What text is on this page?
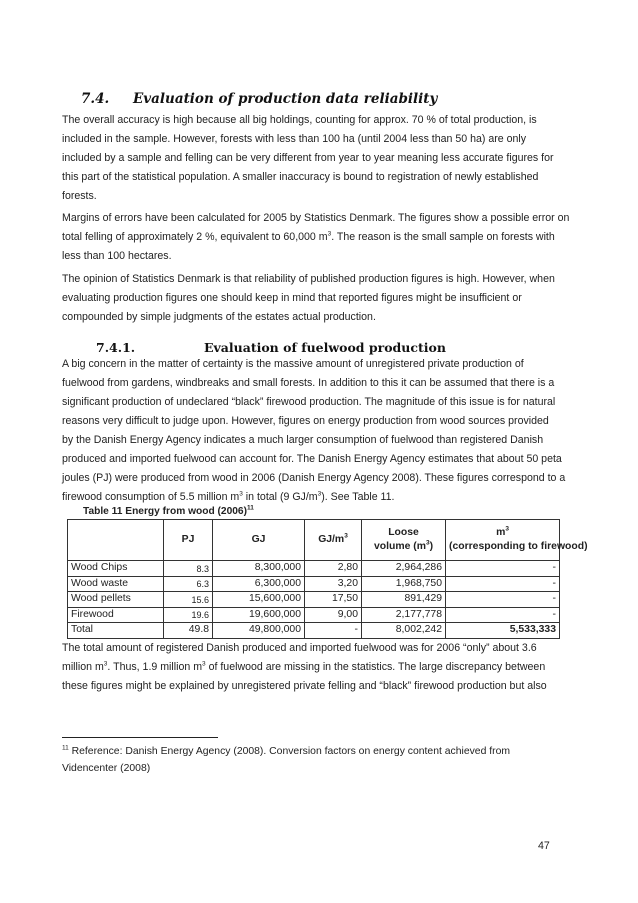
7.4. Evaluation of production data reliability

The overall accuracy is high because all big holdings, counting for approx. 70 % of total production, is
included in the sample. However, forests with less than 100 ha (until 2004 less than 50 ha) are only
included by a sample and felling can be very different from year to year meaning less accurate figures for
this part of the statistical population. A smaller inaccuracy is bound to registration of newly established
forests.

Margins of errors have been calculated for 2005 by Statistics Denmark. The figures show a possible error on
total felling of approximately 2 %, equivalent to 60,000 $m^3$. The reason is the small sample on forests with
less than 100 hectares.

The opinion of Statistics Denmark is that reliability of published production figures is high. However, when
evaluating production figures one should keep in mind that reported figures might be insufficient or
compounded by simple judgments of the estates actual production.

7.4.1.	Evaluation of fuelwood production

A big concern in the matter of certainty is the massive amount of unregistered private production of
fuelwood from gardens, windbreaks and small forests. In addition to this it can be assumed that there is a
significant production of undeclared “black” firewood production. The magnitude of this issue is for natural
reasons very difficult to judge upon. However, figures on energy production from wood sources provided
by the Danish Energy Agency indicates a much larger consumption of fuelwood than registered Danish
produced and imported fuelwood can account for. The Danish Energy Agency estimates that about 50 peta
joules (PJ) were produced from wood in 2006 (Danish Energy Agency 2008). These figures correspond to a
firewood consumption of 5.5 million $m^3$ in total (9 $GJ/m^3$). See Table 11.

Table 11 Energy from wood $(2006)^{11}$
	PJ	GJ	$GJ/m^3$	Loose
volume $(m^3)$	$m^3$
(corresponding to firewood)
Wood Chips	8.3	8,300,000	2,80	2,964,286	-
Wood waste	6.3	6,300,000	3,20	1,968,750	-
Wood pellets	15.6	15,600,000	17,50	891,429	-
Firewood	19.6	19,600,000	9,00	2,177,778	-
Total	49.8	49,800,000	-	8,002,242	5,533,333

The total amount of registered Danish produced and imported fuelwood was for 2006 “only” about 3.6
million $m^3$. Thus, 1.9 million $m^3$ of fuelwood are missing in the statistics. The large discrepancy between
these figures might be explained by unregistered private felling and “black” firewood production but also

$^{11}$ Reference: Danish Energy Agency (2008). Conversion factors on energy content achieved from
Videncenter (2008)
47
